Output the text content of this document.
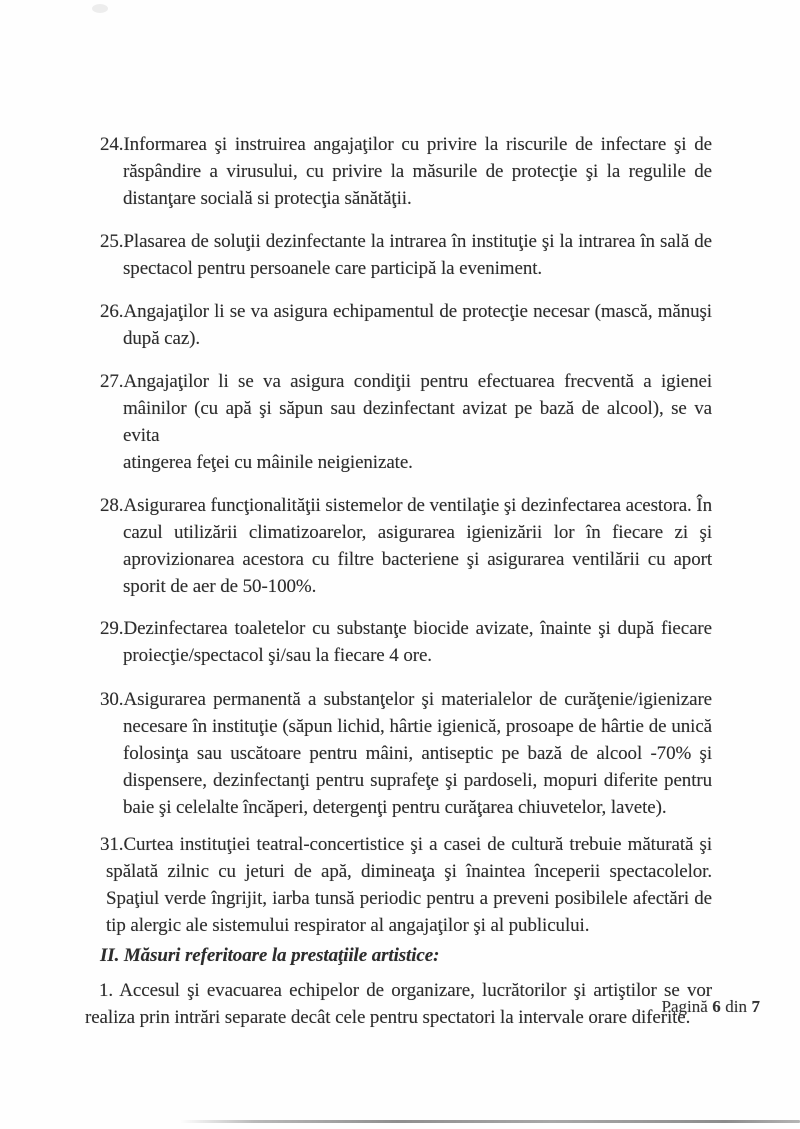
24.Informarea şi instruirea angajaţilor cu privire la riscurile de infectare şi de
răspândire a virusului, cu privire la măsurile de protecţie şi la regulile de
distanţare socială si protecţia sănătăţii.
25.Plasarea de soluţii dezinfectante la intrarea în instituţie şi la intrarea în sală de
spectacol pentru persoanele care participă la eveniment.
26.Angajaţilor li se va asigura echipamentul de protecţie necesar (mască, mănuşi
după caz).
27.Angajaţilor li se va asigura condiţii pentru efectuarea frecventă a igienei
mâinilor (cu apă şi săpun sau dezinfectant avizat pe bază de alcool), se va evita
atingerea feţei cu mâinile neigienizate.
28.Asigurarea funcţionalităţii sistemelor de ventilaţie şi dezinfectarea acestora. În
cazul utilizării climatizoarelor, asigurarea igienizării lor în fiecare zi şi
aprovizionarea acestora cu filtre bacteriene şi asigurarea ventilării cu aport
sporit de aer de 50-100%.
29.Dezinfectarea toaletelor cu substanţe biocide avizate, înainte şi după fiecare
proiecţie/spectacol şi/sau la fiecare 4 ore.
30.Asigurarea permanentă a substanţelor şi materialelor de curăţenie/igienizare
necesare în instituţie (săpun lichid, hârtie igienică, prosoape de hârtie de unică
folosinţa sau uscătoare pentru mâini, antiseptic pe bază de alcool -70% şi
dispensere, dezinfectanţi pentru suprafeţe şi pardoseli, mopuri diferite pentru
baie şi celelalte încăperi, detergenţi pentru curăţarea chiuvetelor, lavete).
31.Curtea instituţiei teatral-concertistice şi a casei de cultură trebuie măturată şi
spălată zilnic cu jeturi de apă, dimineaţa şi înaintea începerii spectacolelor.
Spaţiul verde îngrijit, iarba tunsă periodic pentru a preveni posibilele afectări de
tip alergic ale sistemului respirator al angajaţilor şi al publicului.
II. Măsuri referitoare la prestaţiile artistice:
1. Accesul şi evacuarea echipelor de organizare, lucrătorilor şi artiştilor se vor
realiza prin intrări separate decât cele pentru spectatori la intervale orare diferite.
Pagină 6 din 7
